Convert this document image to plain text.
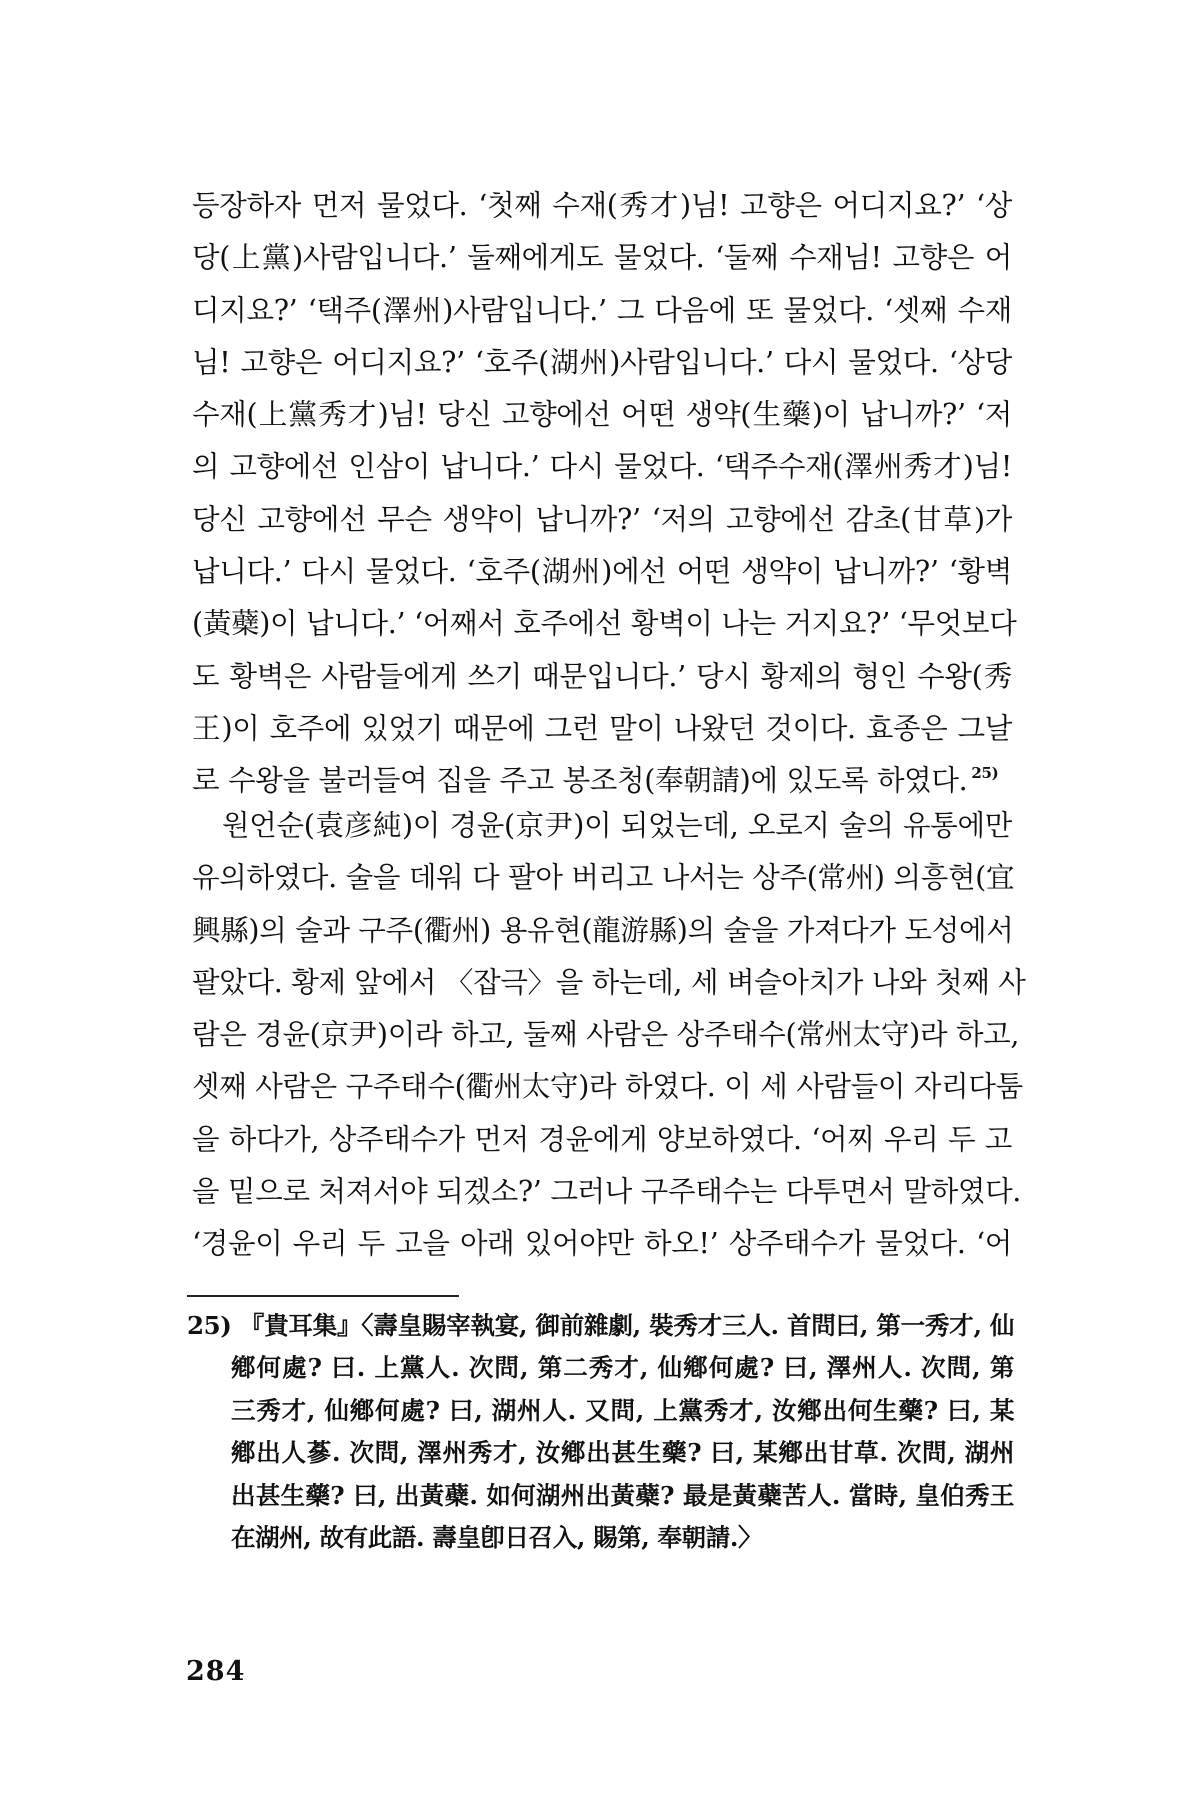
등장하자 먼저 물었다. ‘첫째 수재(秀才)님! 고향은 어디지요?’ ‘상
당(上黨)사람입니다.’ 둘째에게도 물었다. ‘둘째 수재님! 고향은 어
디지요?’ ‘택주(澤州)사람입니다.’ 그 다음에 또 물었다. ‘셋째 수재
님! 고향은 어디지요?’ ‘호주(湖州)사람입니다.’ 다시 물었다. ‘상당
수재(上黨秀才)님! 당신 고향에선 어떤 생약(生藥)이 납니까?’ ‘저
의 고향에선 인삼이 납니다.’ 다시 물었다. ‘택주수재(澤州秀才)님!
당신 고향에선 무슨 생약이 납니까?’ ‘저의 고향에선 감초(甘草)가
납니다.’ 다시 물었다. ‘호주(湖州)에선 어떤 생약이 납니까?’ ‘황벽
(黃蘗)이 납니다.’ ‘어째서 호주에선 황벽이 나는 거지요?’ ‘무엇보다
도 황벽은 사람들에게 쓰기 때문입니다.’ 당시 황제의 형인 수왕(秀
王)이 호주에 있었기 때문에 그런 말이 나왔던 것이다. 효종은 그날
로 수왕을 불러들여 집을 주고 봉조청(奉朝請)에 있도록 하였다. $^{25)}$
원언순(袁彦純)이 경윤(京尹)이 되었는데, 오로지 술의 유통에만
유의하였다. 술을 데워 다 팔아 버리고 나서는 상주(常州) 의흥현(宜
興縣)의 술과 구주(衢州) 용유현(龍游縣)의 술을 가져다가 도성에서
팔았다. 황제 앞에서 〈잡극〉을 하는데, 세 벼슬아치가 나와 첫째 사
람은 경윤(京尹)이라 하고, 둘째 사람은 상주태수(常州太守)라 하고,
셋째 사람은 구주태수(衢州太守)라 하였다. 이 세 사람들이 자리다툼
을 하다가, 상주태수가 먼저 경윤에게 양보하였다. ‘어찌 우리 두 고
을 밑으로 처져서야 되겠소?’ 그러나 구주태수는 다투면서 말하였다.
‘경윤이 우리 두 고을 아래 있어야만 하오!’ 상주태수가 물었다. ‘어
25) 『貴耳集』〈壽皇賜宰執宴, 御前雜劇, 裝秀才三人. 首問曰, 第一秀才, 仙
鄕何處? 曰. 上黨人. 次問, 第二秀才, 仙鄕何處? 曰, 澤州人. 次問, 第
三秀才, 仙鄕何處? 曰, 湖州人. 又問, 上黨秀才, 汝鄕出何生藥? 曰, 某
鄕出人蔘. 次問, 澤州秀才, 汝鄕出甚生藥? 曰, 某鄕出甘草. 次問, 湖州
出甚生藥? 曰, 出黃蘗. 如何湖州出黃蘗? 最是黃蘗苦人. 當時, 皇伯秀王
在湖州, 故有此語. 壽皇卽日召入, 賜第, 奉朝請.〉
284
